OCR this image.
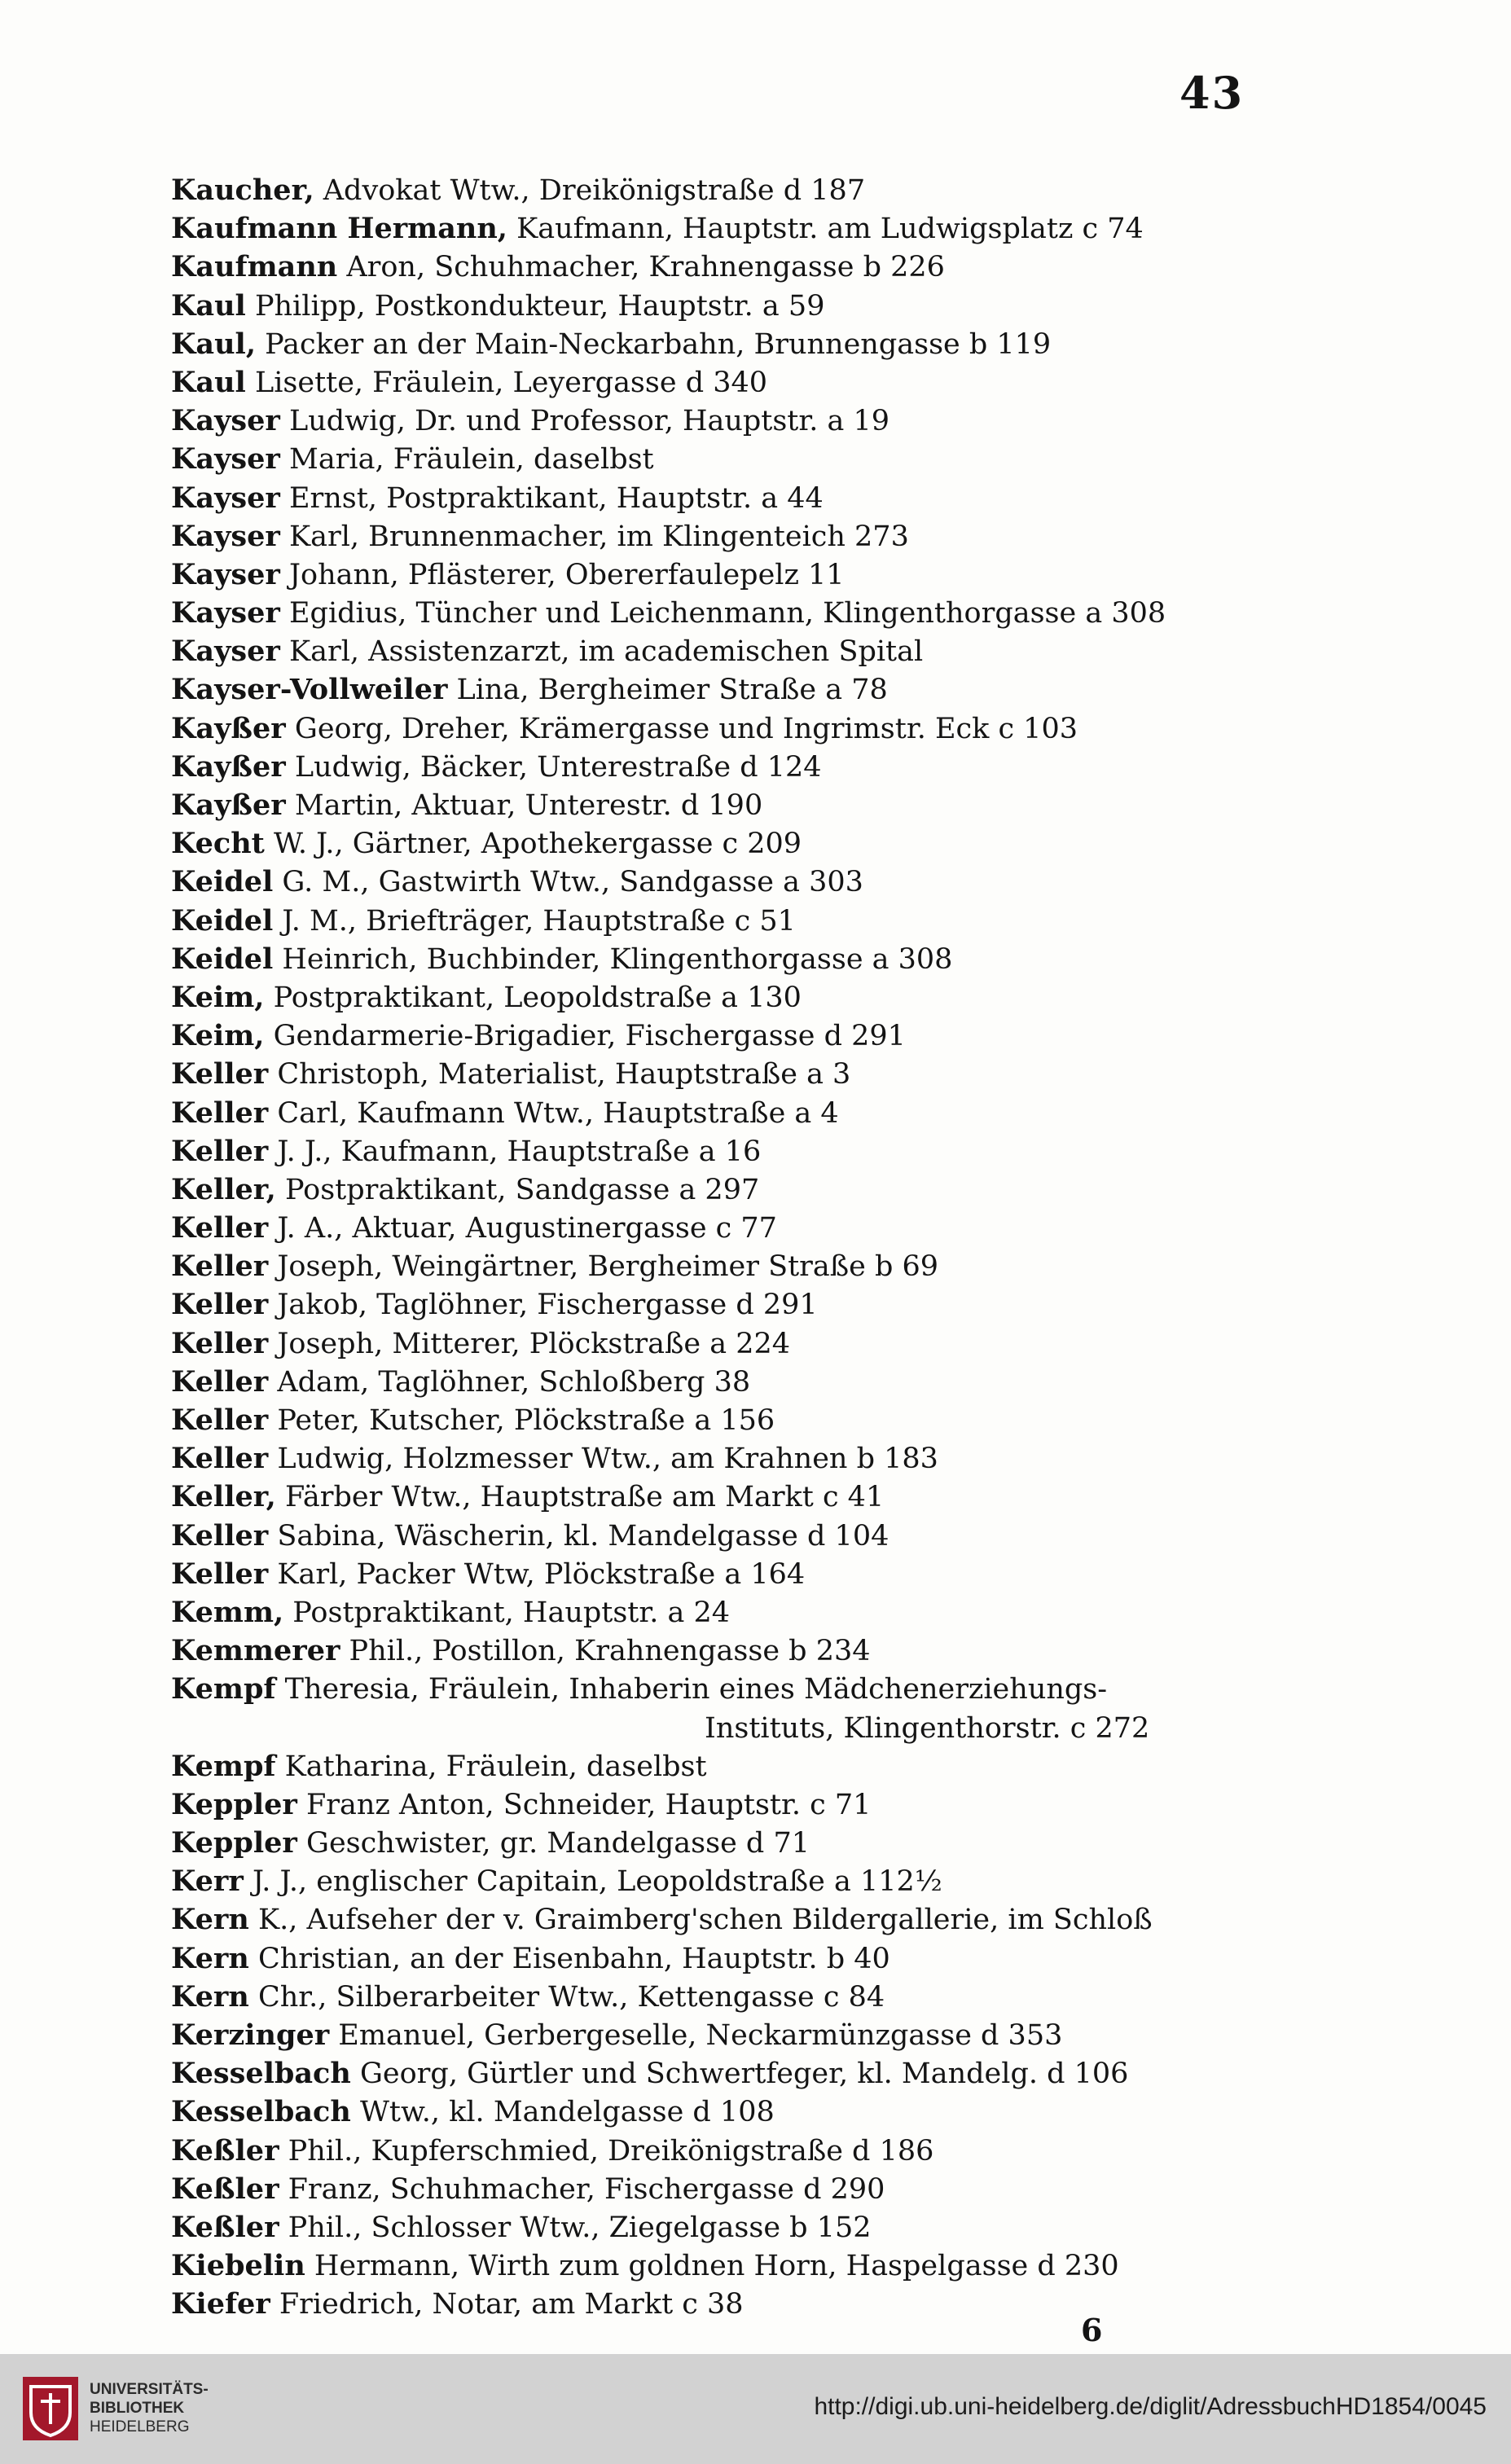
43
Kaucher, Advokat Wtw., Dreikönigstraße d 187
Kaufmann Hermann, Kaufmann, Hauptstr. am Ludwigsplatz c 74
Kaufmann Aron, Schuhmacher, Krahnengasse b 226
Kaul Philipp, Postkondukteur, Hauptstr. a 59
Kaul, Packer an der Main-Neckarbahn, Brunnengasse b 119
Kaul Lisette, Fräulein, Leyergasse d 340
Kayser Ludwig, Dr. und Professor, Hauptstr. a 19
Kayser Maria, Fräulein, daselbst
Kayser Ernst, Postpraktikant, Hauptstr. a 44
Kayser Karl, Brunnenmacher, im Klingenteich 273
Kayser Johann, Pflästerer, Obererfaulepelz 11
Kayser Egidius, Tüncher und Leichenmann, Klingenthorgasse a 308
Kayser Karl, Assistenzarzt, im academischen Spital
Kayser-Vollweiler Lina, Bergheimer Straße a 78
Kayßer Georg, Dreher, Krämergasse und Ingrimstr. Eck c 103
Kayßer Ludwig, Bäcker, Unterestraße d 124
Kayßer Martin, Aktuar, Unterestr. d 190
Kecht W. J., Gärtner, Apothekergasse c 209
Keidel G. M., Gastwirth Wtw., Sandgasse a 303
Keidel J. M., Briefträger, Hauptstraße c 51
Keidel Heinrich, Buchbinder, Klingenthorgasse a 308
Keim, Postpraktikant, Leopoldstraße a 130
Keim, Gendarmerie-Brigadier, Fischergasse d 291
Keller Christoph, Materialist, Hauptstraße a 3
Keller Carl, Kaufmann Wtw., Hauptstraße a 4
Keller J. J., Kaufmann, Hauptstraße a 16
Keller, Postpraktikant, Sandgasse a 297
Keller J. A., Aktuar, Augustinergasse c 77
Keller Joseph, Weingärtner, Bergheimer Straße b 69
Keller Jakob, Taglöhner, Fischergasse d 291
Keller Joseph, Mitterer, Plöckstraße a 224
Keller Adam, Taglöhner, Schloßberg 38
Keller Peter, Kutscher, Plöckstraße a 156
Keller Ludwig, Holzmesser Wtw., am Krahnen b 183
Keller, Färber Wtw., Hauptstraße am Markt c 41
Keller Sabina, Wäscherin, kl. Mandelgasse d 104
Keller Karl, Packer Wtw, Plöckstraße a 164
Kemm, Postpraktikant, Hauptstr. a 24
Kemmerer Phil., Postillon, Krahnengasse b 234
Kempf Theresia, Fräulein, Inhaberin eines Mädchenerziehungs-
Instituts, Klingenthorstr. c 272
Kempf Katharina, Fräulein, daselbst
Keppler Franz Anton, Schneider, Hauptstr. c 71
Keppler Geschwister, gr. Mandelgasse d 71
Kerr J. J., englischer Capitain, Leopoldstraße a 112½
Kern K., Aufseher der v. Graimberg'schen Bildergallerie, im Schloß
Kern Christian, an der Eisenbahn, Hauptstr. b 40
Kern Chr., Silberarbeiter Wtw., Kettengasse c 84
Kerzinger Emanuel, Gerbergeselle, Neckarmünzgasse d 353
Kesselbach Georg, Gürtler und Schwertfeger, kl. Mandelg. d 106
Kesselbach Wtw., kl. Mandelgasse d 108
Keßler Phil., Kupferschmied, Dreikönigstraße d 186
Keßler Franz, Schuhmacher, Fischergasse d 290
Keßler Phil., Schlosser Wtw., Ziegelgasse b 152
Kiebelin Hermann, Wirth zum goldnen Horn, Haspelgasse d 230
Kiefer Friedrich, Notar, am Markt c 38
6
UNIVERSITÄTS-
BIBLIOTHEK
HEIDELBERG
http://digi.ub.uni-heidelberg.de/diglit/AdressbuchHD1854/0045
